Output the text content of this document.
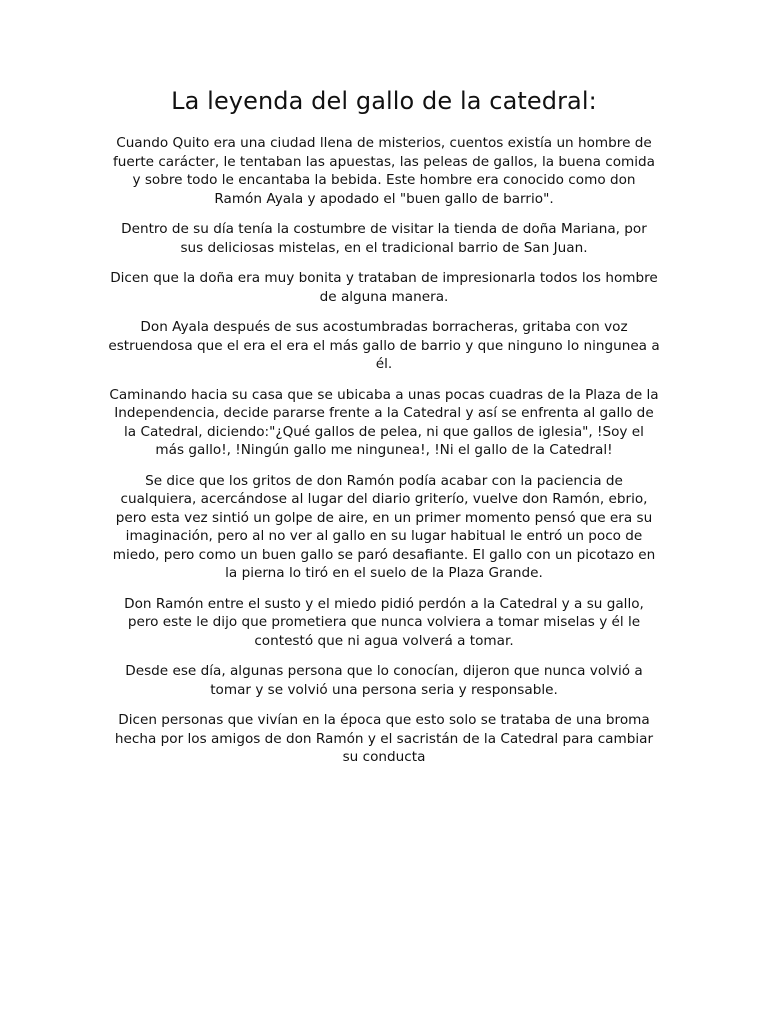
La leyenda del gallo de la catedral:

Cuando Quito era una ciudad llena de misterios, cuentos existía un hombre de fuerte carácter, le tentaban las apuestas, las peleas de gallos, la buena comida y sobre todo le encantaba la bebida. Este hombre era conocido como don Ramón Ayala y apodado el "buen gallo de barrio".

Dentro de su día tenía la costumbre de visitar la tienda de doña Mariana, por sus deliciosas mistelas, en el tradicional barrio de San Juan.

Dicen que la doña era muy bonita y trataban de impresionarla todos los hombre de alguna manera.

Don Ayala después de sus acostumbradas borracheras, gritaba con voz estruendosa que el era el era el más gallo de barrio y que ninguno lo ningunea a él.

Caminando hacia su casa que se ubicaba a unas pocas cuadras de la Plaza de la Independencia, decide pararse frente a la Catedral y así se enfrenta al gallo de la Catedral, diciendo:"¿Qué gallos de pelea, ni que gallos de iglesia", !Soy el más gallo!, !Ningún gallo me ningunea!, !Ni el gallo de la Catedral!

Se dice que los gritos de don Ramón podía acabar con la paciencia de cualquiera, acercándose al lugar del diario griterío, vuelve don Ramón, ebrio, pero esta vez sintió un golpe de aire, en un primer momento pensó que era su imaginación, pero al no ver al gallo en su lugar habitual le entró un poco de miedo, pero como un buen gallo se paró desafiante. El gallo con un picotazo en la pierna lo tiró en el suelo de la Plaza Grande.

Don Ramón entre el susto y el miedo pidió perdón a la Catedral y a su gallo, pero este le dijo que prometiera que nunca volviera a tomar miselas y él le contestó que ni agua volverá a tomar.

Desde ese día, algunas persona que lo conocían, dijeron que nunca volvió a tomar y se volvió una persona seria y responsable.

Dicen personas que vivían en la época que esto solo se trataba de una broma hecha por los amigos de don Ramón y el sacristán de la Catedral para cambiar su conducta
